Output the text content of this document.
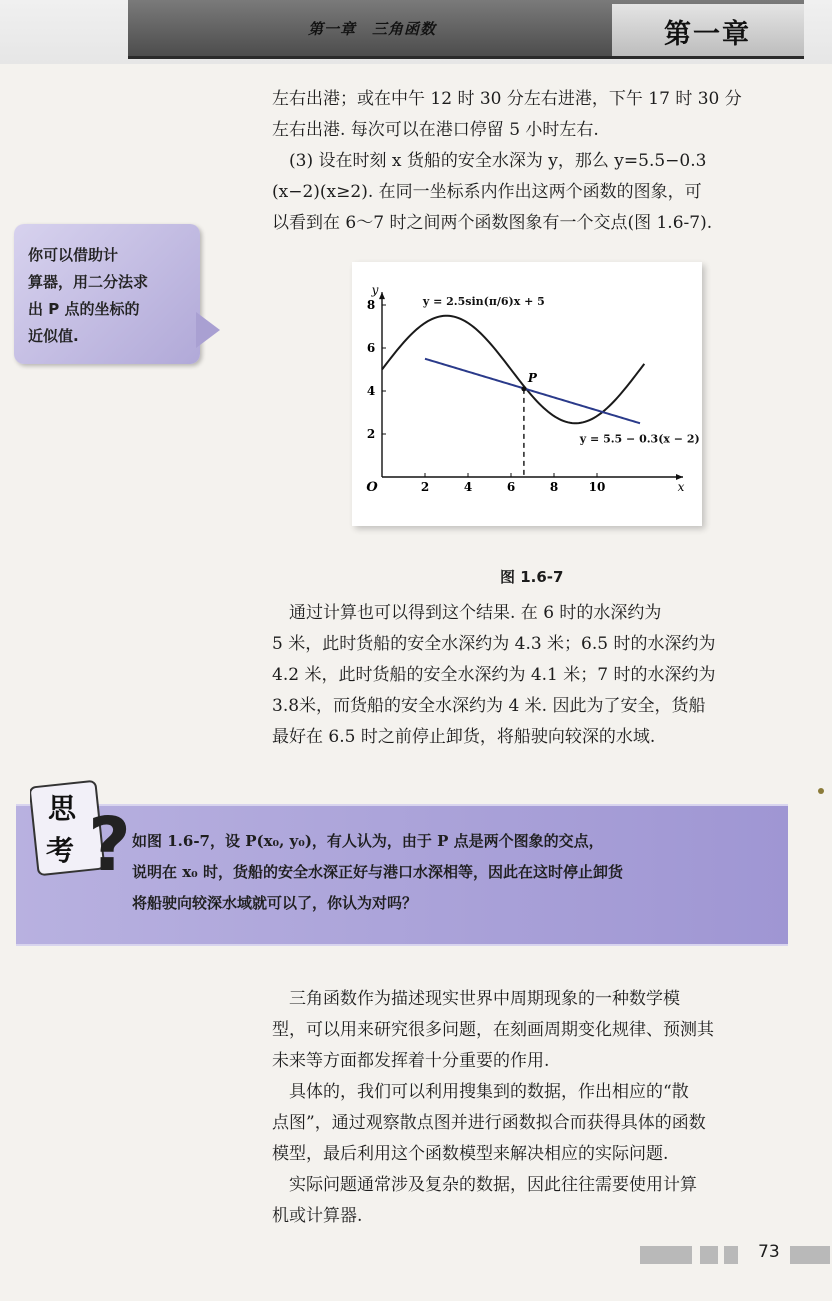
第一章　三角函数	第一章

左右出港；或在中午 12 时 30 分左右进港，下午 17 时 30 分

左右出港. 每次可以在港口停留 5 小时左右.

　(3) 设在时刻 x 货船的安全水深为 y，那么 y=5.5−0.3

(x−2)(x≥2). 在同一坐标系内作出这两个函数的图象，可

以看到在 6～7 时之间两个函数图象有一个交点(图 1.6-7).

你可以借助计
算器，用二分法求
出 P 点的坐标的
近似值.
2	4	6	8	10
2
4
6
8
O	x
y
y = 2.5sin(π/6)x + 5
y = 5.5 − 0.3(x − 2)
P
图 1.6-7

　通过计算也可以得到这个结果. 在 6 时的水深约为

5 米，此时货船的安全水深约为 4.3 米；6.5 时的水深约为

4.2 米，此时货船的安全水深约为 4.1 米；7 时的水深约为

3.8米，而货船的安全水深约为 4 米. 因此为了安全，货船

最好在 6.5 时之前停止卸货，将船驶向较深的水域.

如图 1.6-7，设 P(x₀, y₀)，有人认为，由于 P 点是两个图象的交点，
说明在 x₀ 时，货船的安全水深正好与港口水深相等，因此在这时停止卸货
将船驶向较深水域就可以了，你认为对吗？
思
考 ?

　三角函数作为描述现实世界中周期现象的一种数学模

型，可以用来研究很多问题，在刻画周期变化规律、预测其

未来等方面都发挥着十分重要的作用.

　具体的，我们可以利用搜集到的数据，作出相应的“散

点图”，通过观察散点图并进行函数拟合而获得具体的函数

模型，最后利用这个函数模型来解决相应的实际问题.

　实际问题通常涉及复杂的数据，因此往往需要使用计算

机或计算器.

73
